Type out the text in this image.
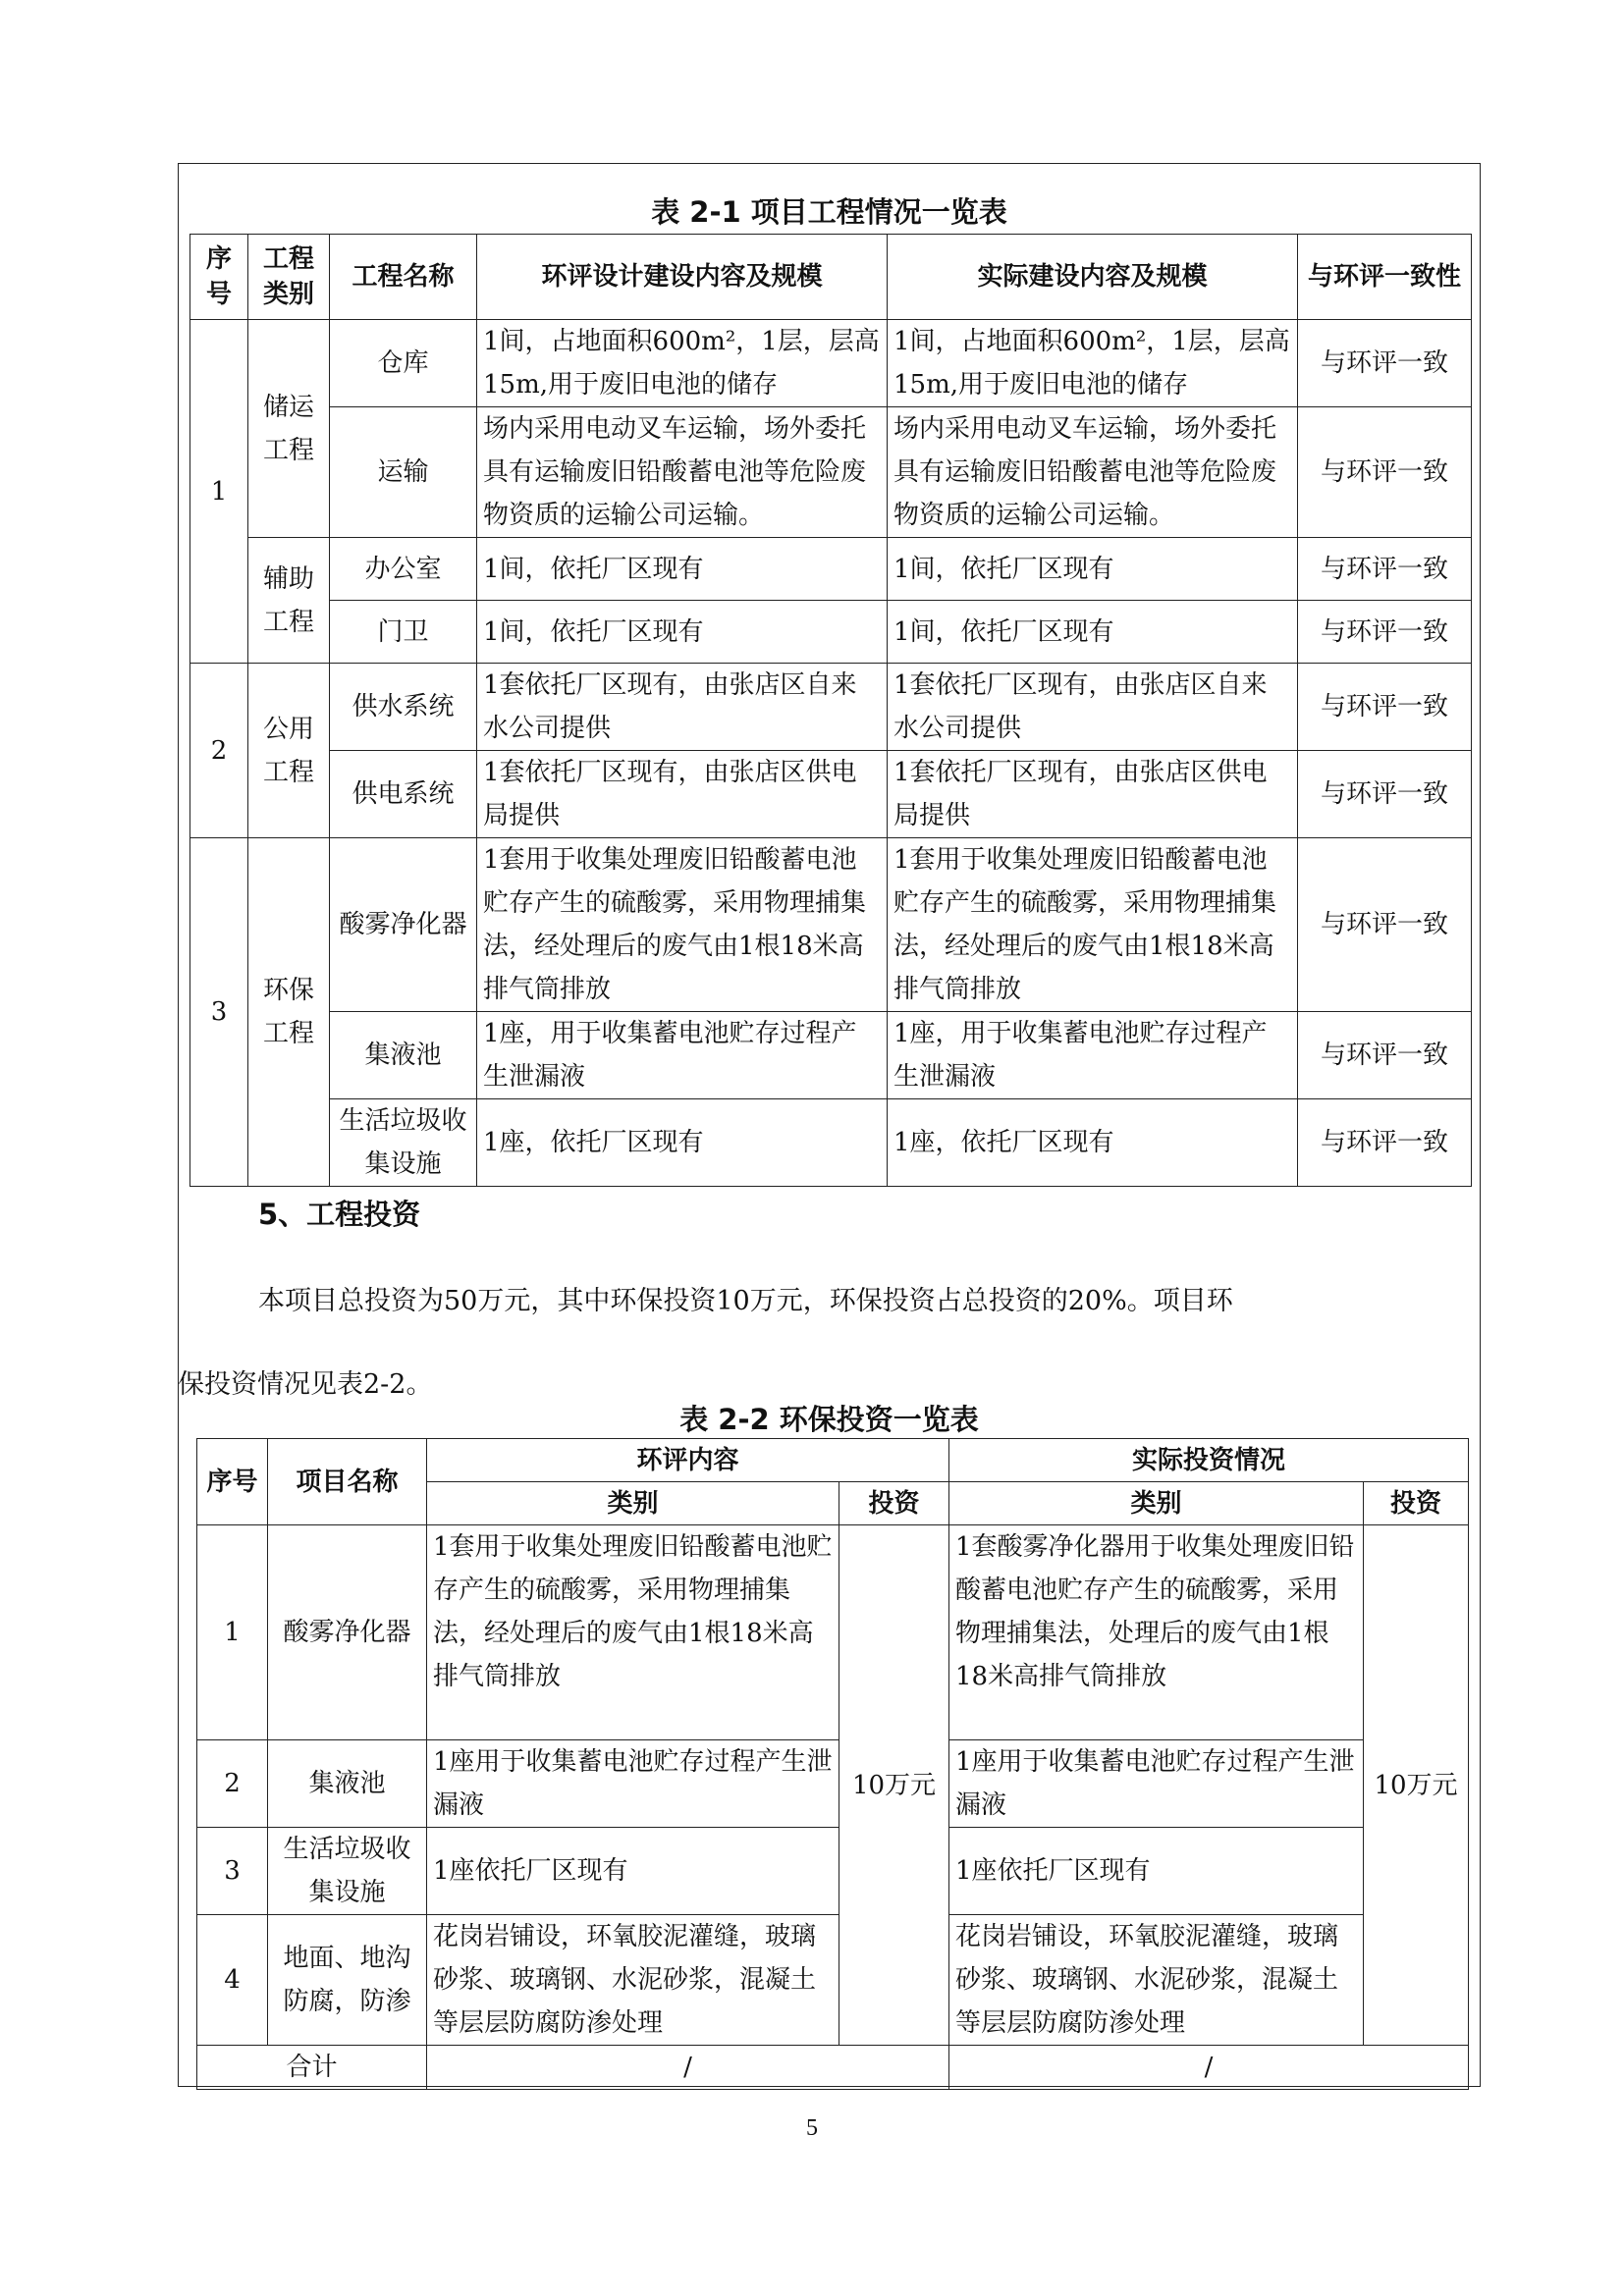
表 2-1 项目工程情况一览表
序号	工程类别	工程名称	环评设计建设内容及规模	实际建设内容及规模	与环评一致性
1	储运工程	仓库	1间，占地面积600m²，1层，层高15m,用于废旧电池的储存	1间，占地面积600m²，1层，层高15m,用于废旧电池的储存	与环评一致
		运输	场内采用电动叉车运输，场外委托具有运输废旧铅酸蓄电池等危险废物资质的运输公司运输。	场内采用电动叉车运输，场外委托具有运输废旧铅酸蓄电池等危险废物资质的运输公司运输。	与环评一致
	辅助工程	办公室	1间，依托厂区现有	1间，依托厂区现有	与环评一致
		门卫	1间，依托厂区现有	1间，依托厂区现有	与环评一致
2	公用工程	供水系统	1套依托厂区现有，由张店区自来水公司提供	1套依托厂区现有，由张店区自来水公司提供	与环评一致
		供电系统	1套依托厂区现有，由张店区供电局提供	1套依托厂区现有，由张店区供电局提供	与环评一致
3	环保工程	酸雾净化器	1套用于收集处理废旧铅酸蓄电池贮存产生的硫酸雾，采用物理捕集法，经处理后的废气由1根18米高排气筒排放	1套用于收集处理废旧铅酸蓄电池贮存产生的硫酸雾，采用物理捕集法，经处理后的废气由1根18米高排气筒排放	与环评一致
		集液池	1座，用于收集蓄电池贮存过程产生泄漏液	1座，用于收集蓄电池贮存过程产生泄漏液	与环评一致
		生活垃圾收集设施	1座，依托厂区现有	1座，依托厂区现有	与环评一致
5、工程投资
本项目总投资为50万元，其中环保投资10万元，环保投资占总投资的20%。项目环
保投资情况见表2-2。
表 2-2 环保投资一览表
序号	项目名称	环评内容		实际投资情况	
		类别	投资	类别	投资
1	酸雾净化器	1套用于收集处理废旧铅酸蓄电池贮存产生的硫酸雾，采用物理捕集法，经处理后的废气由1根18米高排气筒排放	10万元	1套酸雾净化器用于收集处理废旧铅酸蓄电池贮存产生的硫酸雾，采用物理捕集法，处理后的废气由1根18米高排气筒排放	10万元
2	集液池	1座用于收集蓄电池贮存过程产生泄漏液		1座用于收集蓄电池贮存过程产生泄漏液	
3	生活垃圾收集设施	1座依托厂区现有		1座依托厂区现有	
4	地面、地沟防腐，防渗	花岗岩铺设，环氧胶泥灌缝，玻璃砂浆、玻璃钢、水泥砂浆，混凝土等层层防腐防渗处理		花岗岩铺设，环氧胶泥灌缝，玻璃砂浆、玻璃钢、水泥砂浆，混凝土等层层防腐防渗处理	
合计		/		/	
5
